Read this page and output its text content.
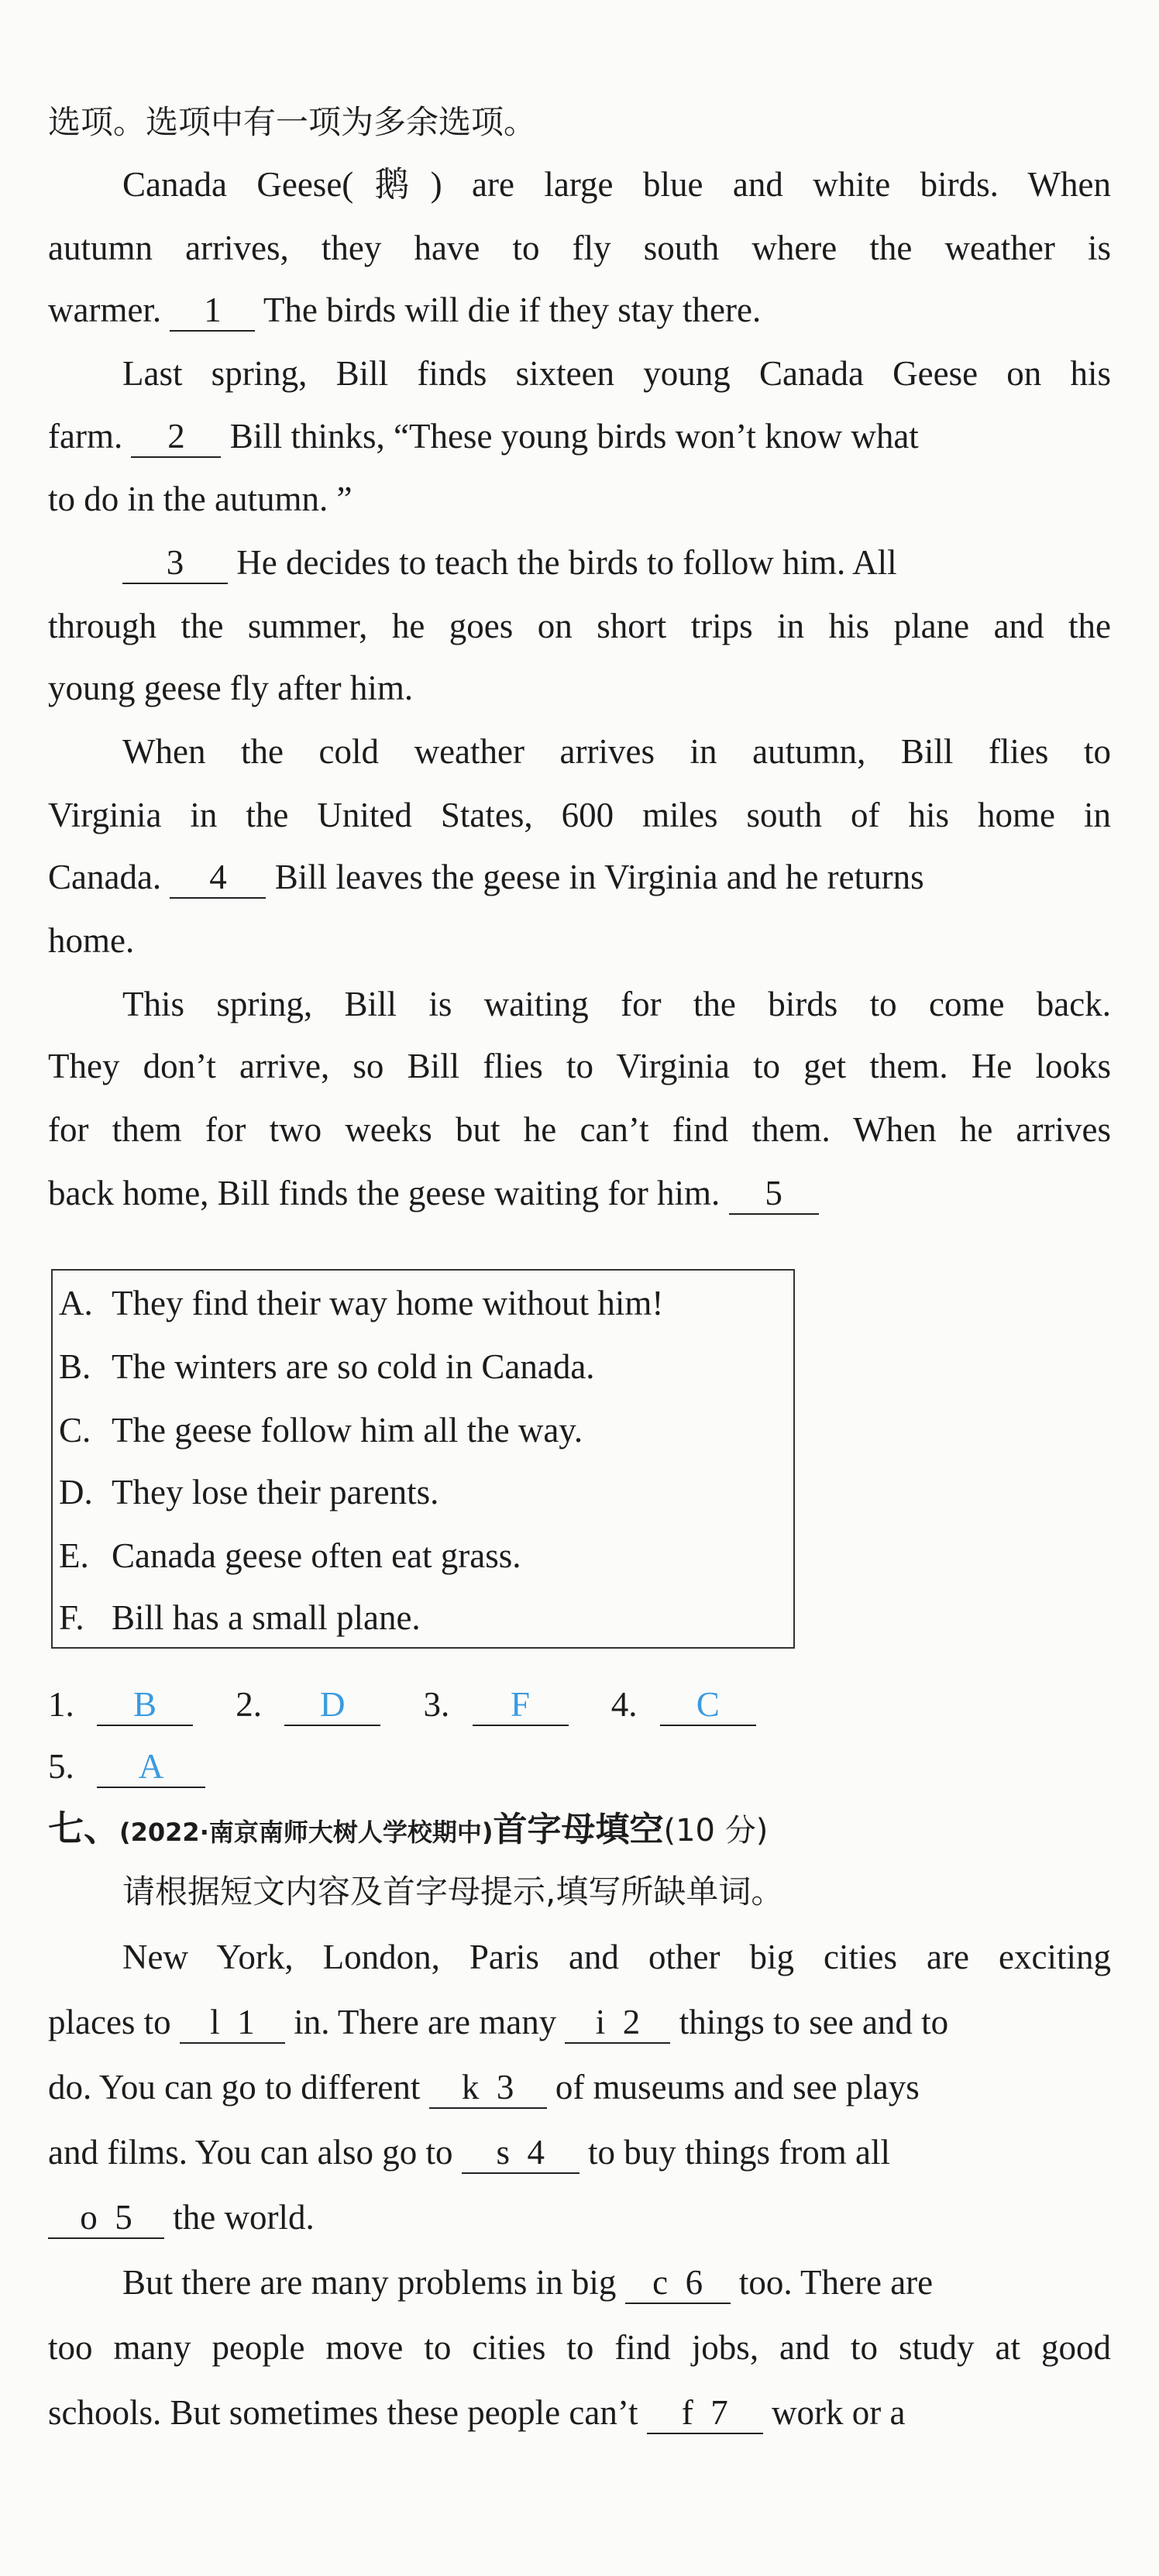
选项。选项中有一项为多余选项。
Canada Geese(鹅) are large blue and white birds. When
autumn arrives, they have to fly south where the weather is
warmer. 1 The birds will die if they stay there.
Last spring, Bill finds sixteen young Canada Geese on his
farm. 2 Bill thinks, “These young birds won’t know what
to do in the autumn. ”
3 He decides to teach the birds to follow him. All
through the summer, he goes on short trips in his plane and the
young geese fly after him.
When the cold weather arrives in autumn, Bill flies to
Virginia in the United States, 600 miles south of his home in
Canada. 4 Bill leaves the geese in Virginia and he returns
home.
This spring, Bill is waiting for the birds to come back.
They don’t arrive, so Bill flies to Virginia to get them. He looks
for them for two weeks but he can’t find them. When he arrives
back home, Bill finds the geese waiting for him. 5
A. They find their way home without him!
B. The winters are so cold in Canada.
C. The geese follow him all the way.
D. They lose their parents.
E. Canada geese often eat grass.
F. Bill has a small plane.
1. B 2. D 3. F 4. C
5. A
七、(2022·南京南师大树人学校期中)首字母填空(10 分)
请根据短文内容及首字母提示,填写所缺单词。
New York, London, Paris and other big cities are exciting
places to l 1 in. There are many i 2 things to see and to
do. You can go to different k 3 of museums and see plays
and films. You can also go to s 4 to buy things from all
o 5 the world.
But there are many problems in big c 6 too. There are
too many people move to cities to find jobs, and to study at good
schools. But sometimes these people can’t f 7 work or a
